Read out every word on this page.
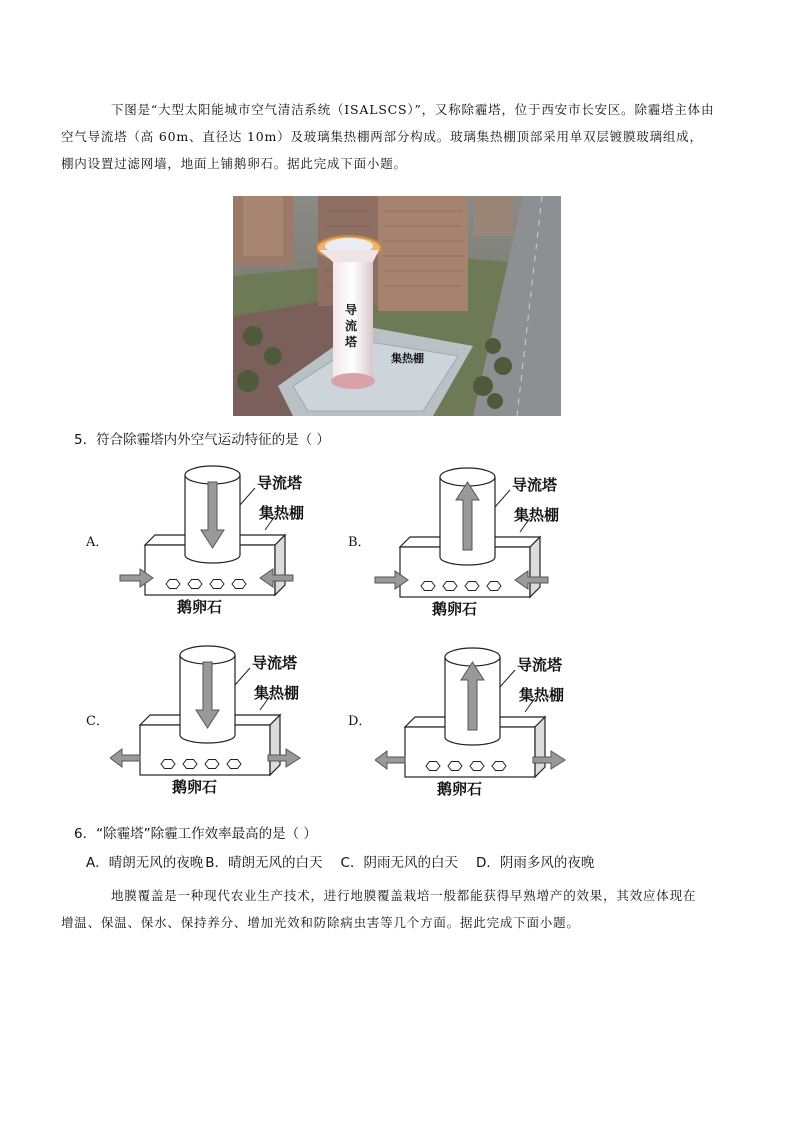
下图是“大型太阳能城市空气清洁系统（ISALSCS）”，又称除霾塔，位于西安市长安区。除霾塔主体由
空气导流塔（高 60m、直径达 10m）及玻璃集热棚两部分构成。玻璃集热棚顶部采用单双层镀膜玻璃组成，
棚内设置过滤网墙，地面上铺鹅卵石。据此完成下面小题。
导
流
塔
集热棚
5．符合除霾塔内外空气运动特征的是（ ）
导流塔
集热棚
鹅卵石
导流塔
集热棚
鹅卵石
导流塔
集热棚
鹅卵石
导流塔
集热棚
鹅卵石
A．	B．
C．	D．
6．“除霾塔”除霾工作效率最高的是（ ）
A．晴朗无风的夜晚 B．晴朗无风的白天 C．阴雨无风的白天 D．阴雨多风的夜晚
地膜覆盖是一种现代农业生产技术，进行地膜覆盖栽培一般都能获得早熟增产的效果，其效应体现在
增温、保温、保水、保持养分、增加光效和防除病虫害等几个方面。据此完成下面小题。
